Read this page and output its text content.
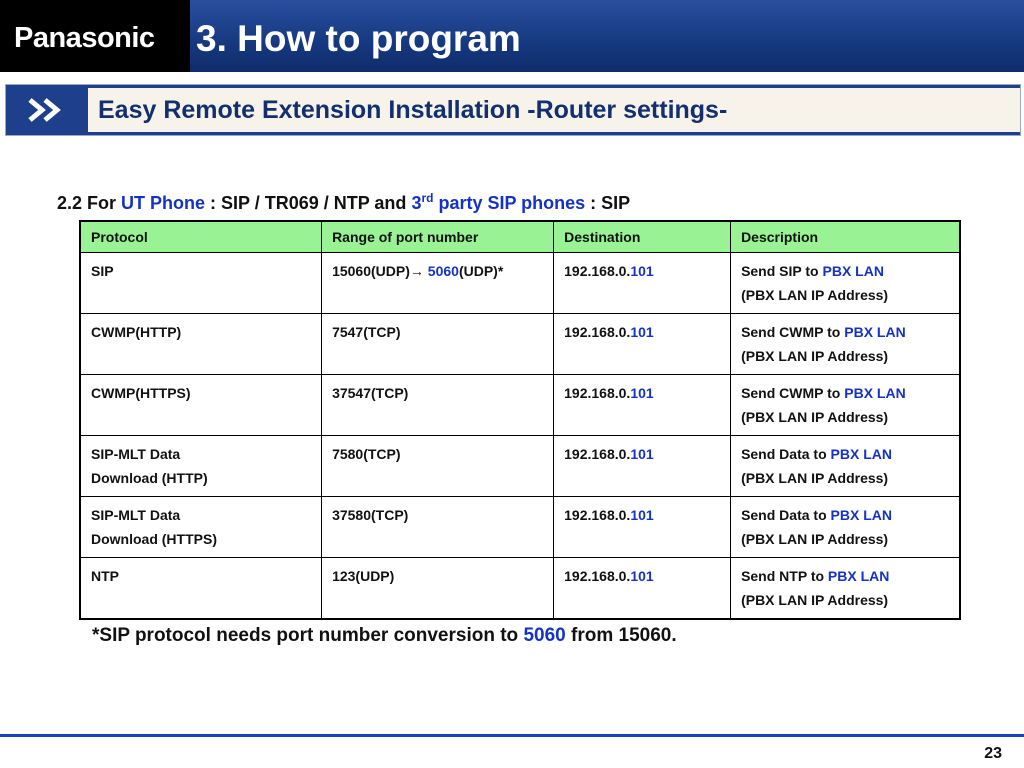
Panasonic 3. How to program
Easy Remote Extension Installation -Router settings-
2.2 For UT Phone : SIP / TR069 / NTP and 3rd party SIP phones : SIP
Protocol	Range of port number	Destination	Description

SIP	15060(UDP)→ 5060(UDP)*	192.168.0.101	Send SIP to PBX LAN
(PBX LAN IP Address)

CWMP(HTTP)	7547(TCP)	192.168.0.101	Send CWMP to PBX LAN
(PBX LAN IP Address)

CWMP(HTTPS)	37547(TCP)	192.168.0.101	Send CWMP to PBX LAN
(PBX LAN IP Address)

SIP-MLT Data
Download (HTTP)	7580(TCP)	192.168.0.101	Send Data to PBX LAN
(PBX LAN IP Address)

SIP-MLT Data
Download (HTTPS)	37580(TCP)	192.168.0.101	Send Data to PBX LAN
(PBX LAN IP Address)

NTP	123(UDP)	192.168.0.101	Send NTP to PBX LAN
(PBX LAN IP Address)
*SIP protocol needs port number conversion to 5060 from 15060.
23
